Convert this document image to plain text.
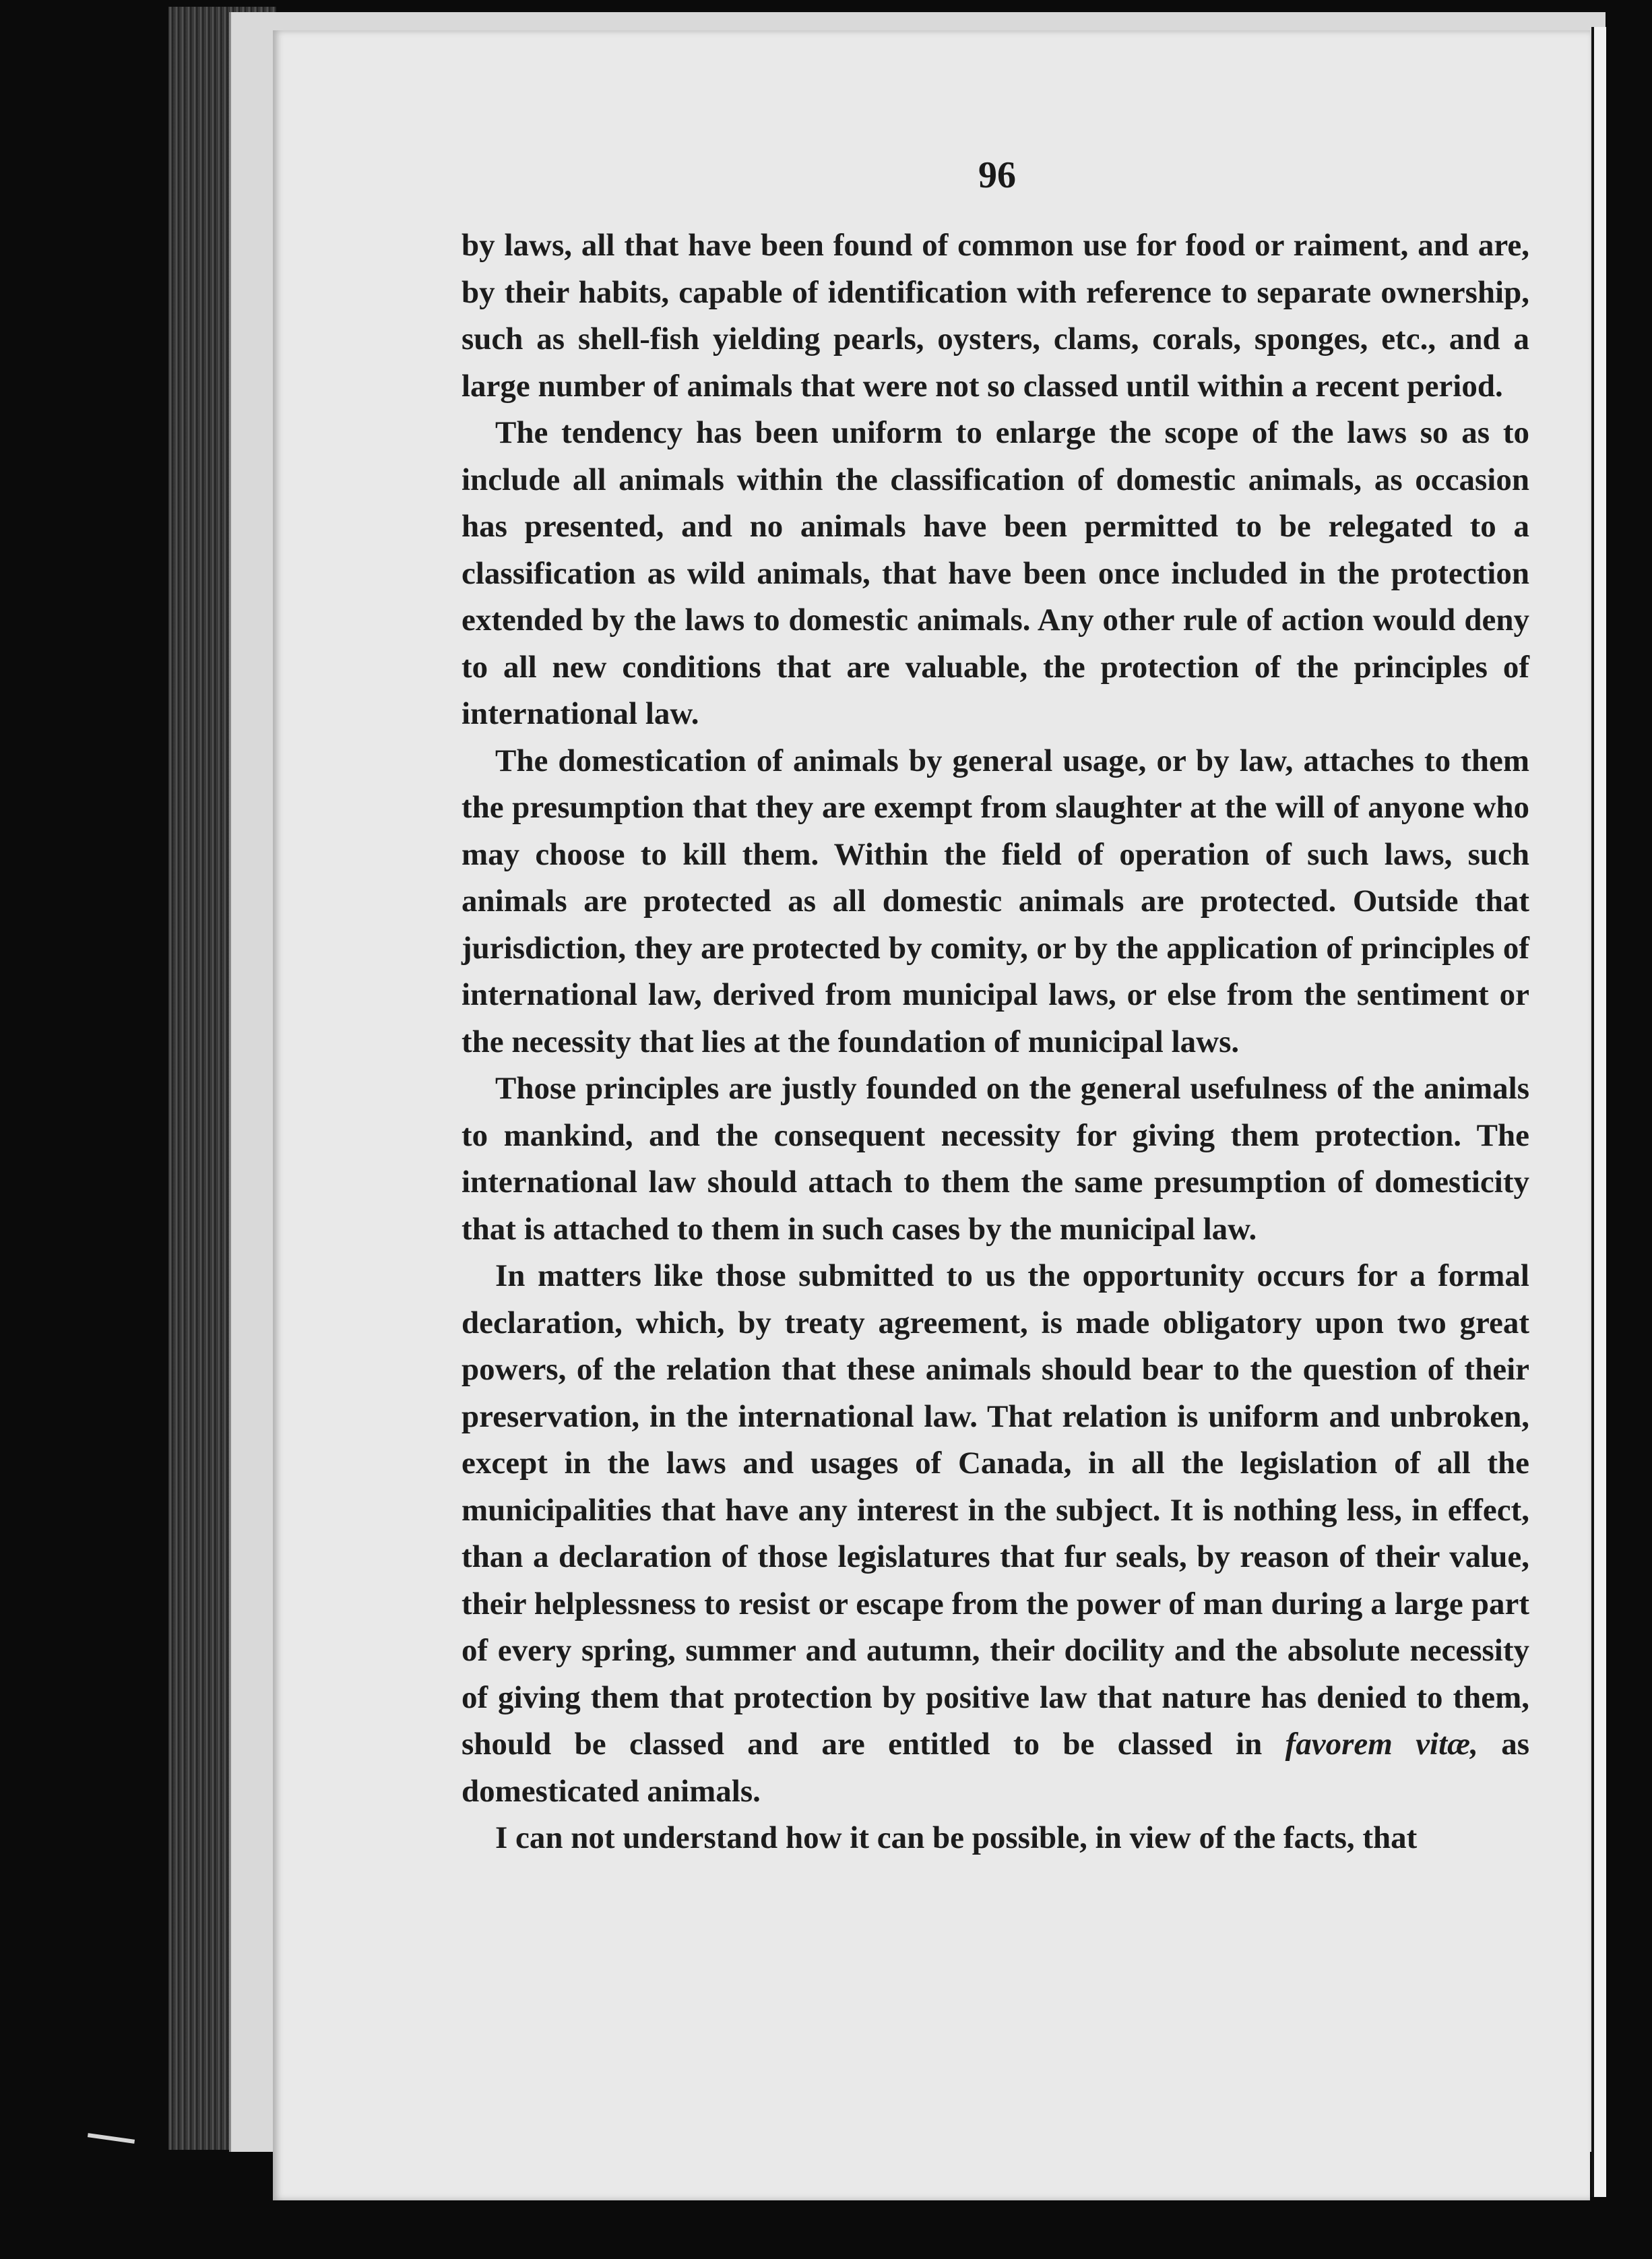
96

by laws, all that have been found of common use for food or raiment, and are, by their habits, capable of identification with reference to separate ownership, such as shell-fish yielding pearls, oysters, clams, corals, sponges, etc., and a large number of animals that were not so classed until within a recent period.

The tendency has been uniform to enlarge the scope of the laws so as to include all animals within the classification of domestic animals, as occasion has presented, and no animals have been permitted to be relegated to a classification as wild animals, that have been once included in the protection extended by the laws to domestic animals. Any other rule of action would deny to all new conditions that are valuable, the protection of the principles of international law.

The domestication of animals by general usage, or by law, attaches to them the presumption that they are exempt from slaughter at the will of anyone who may choose to kill them. Within the field of operation of such laws, such animals are protected as all domestic animals are protected. Outside that jurisdiction, they are protected by comity, or by the application of principles of international law, derived from municipal laws, or else from the sentiment or the necessity that lies at the foundation of municipal laws.

Those principles are justly founded on the general usefulness of the animals to mankind, and the consequent necessity for giving them protection. The international law should attach to them the same presumption of domesticity that is attached to them in such cases by the municipal law.

In matters like those submitted to us the opportunity occurs for a formal declaration, which, by treaty agreement, is made obligatory upon two great powers, of the relation that these animals should bear to the question of their preservation, in the international law. That relation is uniform and unbroken, except in the laws and usages of Canada, in all the legislation of all the municipalities that have any interest in the subject. It is nothing less, in effect, than a declaration of those legislatures that fur seals, by reason of their value, their helplessness to resist or escape from the power of man during a large part of every spring, summer and autumn, their docility and the absolute necessity of giving them that protection by positive law that nature has denied to them, should be classed and are entitled to be classed in favorem vitæ, as domesticated animals.

I can not understand how it can be possible, in view of the facts, that
